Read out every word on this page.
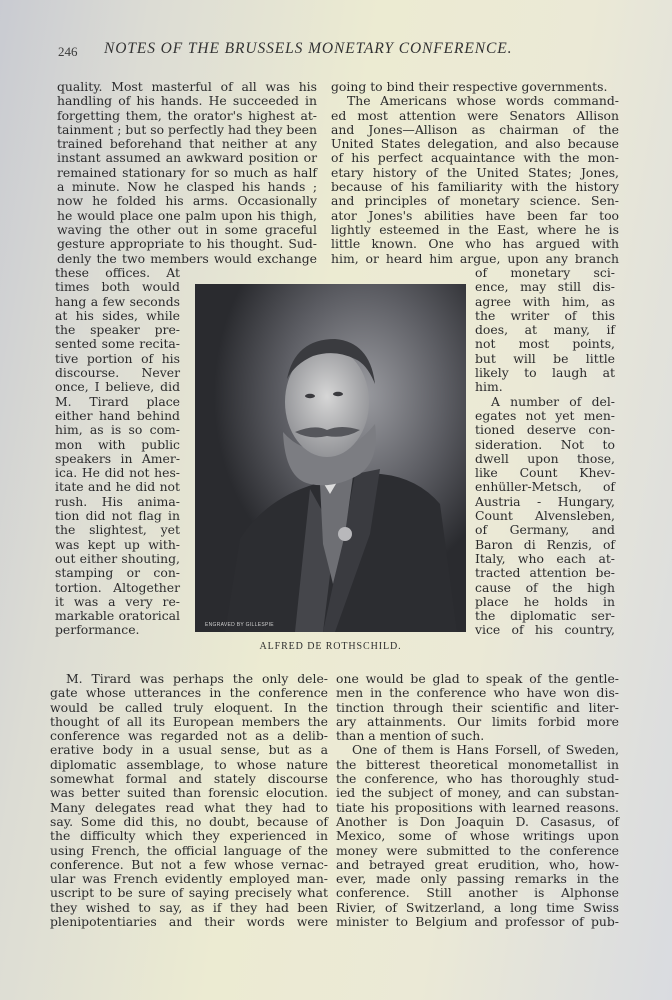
246 NOTES OF THE BRUSSELS MONETARY CONFERENCE.
quality. Most masterful of all was his
handling of his hands. He succeeded in
forgetting them, the orator's highest at-
tainment ; but so perfectly had they been
trained beforehand that neither at any
instant assumed an awkward position or
remained stationary for so much as half
a minute. Now he clasped his hands ;
now he folded his arms. Occasionally
he would place one palm upon his thigh,
waving the other out in some graceful
gesture appropriate to his thought. Sud-
denly the two members would exchange
these offices. At
times both would
hang a few seconds
at his sides, while
the speaker pre-
sented some recita-
tive portion of his
discourse. Never
once, I believe, did
M. Tirard place
either hand behind
him, as is so com-
mon with public
speakers in Amer-
ica. He did not hes-
itate and he did not
rush. His anima-
tion did not flag in
the slightest, yet
was kept up with-
out either shouting,
stamping or con-
tortion. Altogether
it was a very re-
markable oratorical
performance.
M. Tirard was perhaps the only dele-
gate whose utterances in the conference
would be called truly eloquent. In the
thought of all its European members the
conference was regarded not as a delib-
erative body in a usual sense, but as a
diplomatic assemblage, to whose nature
somewhat formal and stately discourse
was better suited than forensic elocution.
Many delegates read what they had to
say. Some did this, no doubt, because of
the difficulty which they experienced in
using French, the official language of the
conference. But not a few whose vernac-
ular was French evidently employed man-
uscript to be sure of saying precisely what
they wished to say, as if they had been
plenipotentiaries and their words were
going to bind their respective governments.
The Americans whose words command-
ed most attention were Senators Allison
and Jones—Allison as chairman of the
United States delegation, and also because
of his perfect acquaintance with the mon-
etary history of the United States; Jones,
because of his familiarity with the history
and principles of monetary science. Sen-
ator Jones's abilities have been far too
lightly esteemed in the East, where he is
little known. One who has argued with
him, or heard him argue, upon any branch
of monetary sci-
ence, may still dis-
agree with him, as
the writer of this
does, at many, if
not most points,
but will be little
likely to laugh at
him.
A number of del-
egates not yet men-
tioned deserve con-
sideration. Not to
dwell upon those,
like Count Khev-
enhüller-Metsch, of
Austria - Hungary,
Count Alvensleben,
of Germany, and
Baron di Renzis, of
Italy, who each at-
tracted attention be-
cause of the high
place he holds in
the diplomatic ser-
vice of his country,
one would be glad to speak of the gentle-
men in the conference who have won dis-
tinction through their scientific and liter-
ary attainments. Our limits forbid more
than a mention of such.
One of them is Hans Forsell, of Sweden,
the bitterest theoretical monometallist in
the conference, who has thoroughly stud-
ied the subject of money, and can substan-
tiate his propositions with learned reasons.
Another is Don Joaquin D. Casasus, of
Mexico, some of whose writings upon
money were submitted to the conference
and betrayed great erudition, who, how-
ever, made only passing remarks in the
conference. Still another is Alphonse
Rivier, of Switzerland, a long time Swiss
minister to Belgium and professor of pub-
ENGRAVED BY GILLESPIE
ALFRED DE ROTHSCHILD.
